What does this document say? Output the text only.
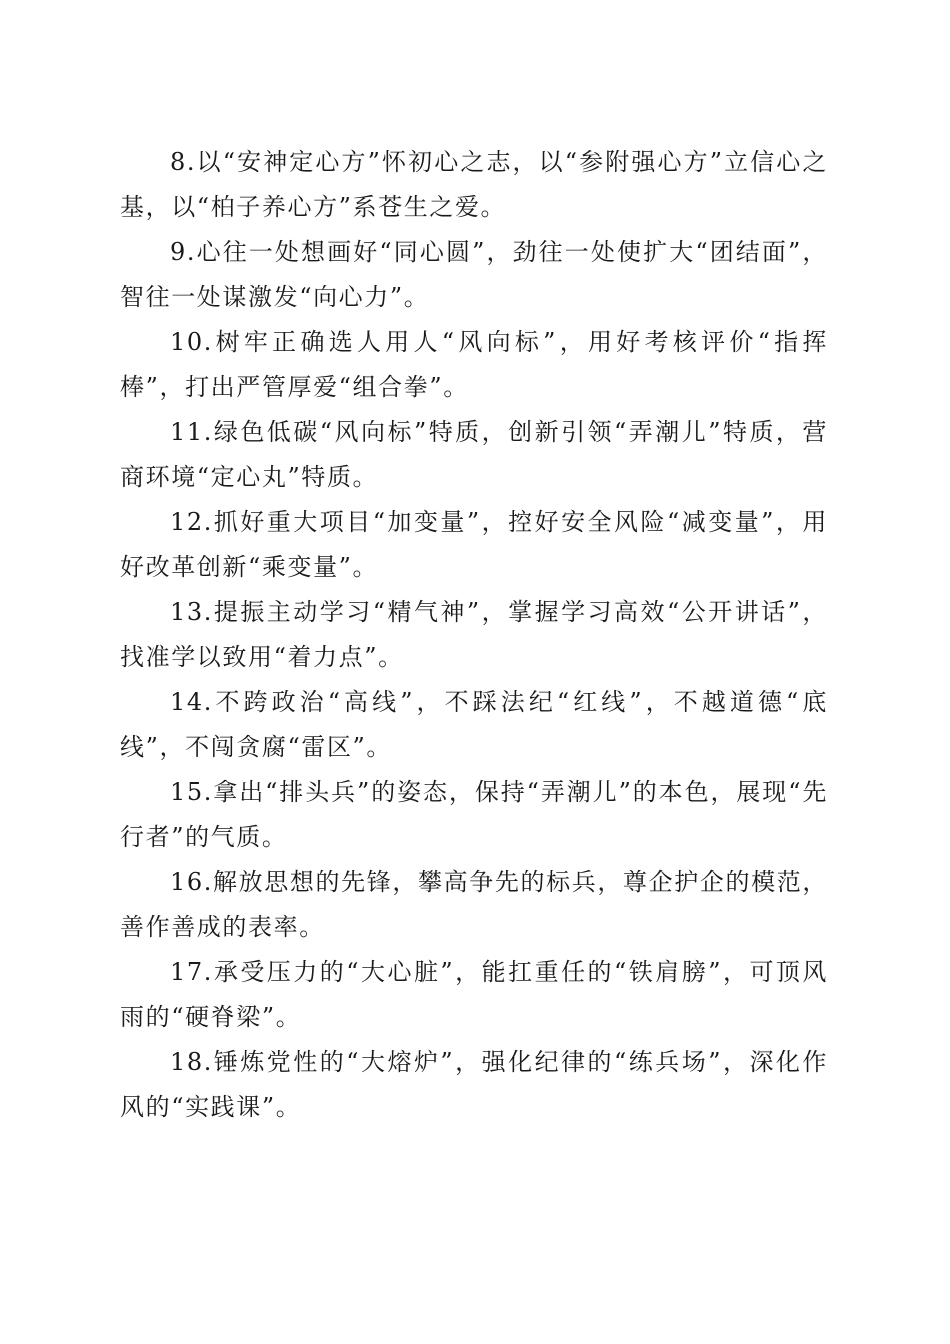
8.以“安神定心方”怀初心之志，以“参附强心方”立信心之基，以“柏子养心方”系苍生之爱。

9.心往一处想画好“同心圆”，劲往一处使扩大“团结面”，智往一处谋激发“向心力”。

10.树牢正确选人用人“风向标”，用好考核评价“指挥棒”，打出严管厚爱“组合拳”。

11.绿色低碳“风向标”特质，创新引领“弄潮儿”特质，营商环境“定心丸”特质。

12.抓好重大项目“加变量”，控好安全风险“减变量”，用好改革创新“乘变量”。

13.提振主动学习“精气神”，掌握学习高效“公开讲话”，找准学以致用“着力点”。

14.不跨政治“高线”，不踩法纪“红线”，不越道德“底线”，不闯贪腐“雷区”。

15.拿出“排头兵”的姿态，保持“弄潮儿”的本色，展现“先行者”的气质。

16.解放思想的先锋，攀高争先的标兵，尊企护企的模范，善作善成的表率。

17.承受压力的“大心脏”，能扛重任的“铁肩膀”，可顶风雨的“硬脊梁”。

18.锤炼党性的“大熔炉”，强化纪律的“练兵场”，深化作风的“实践课”。
